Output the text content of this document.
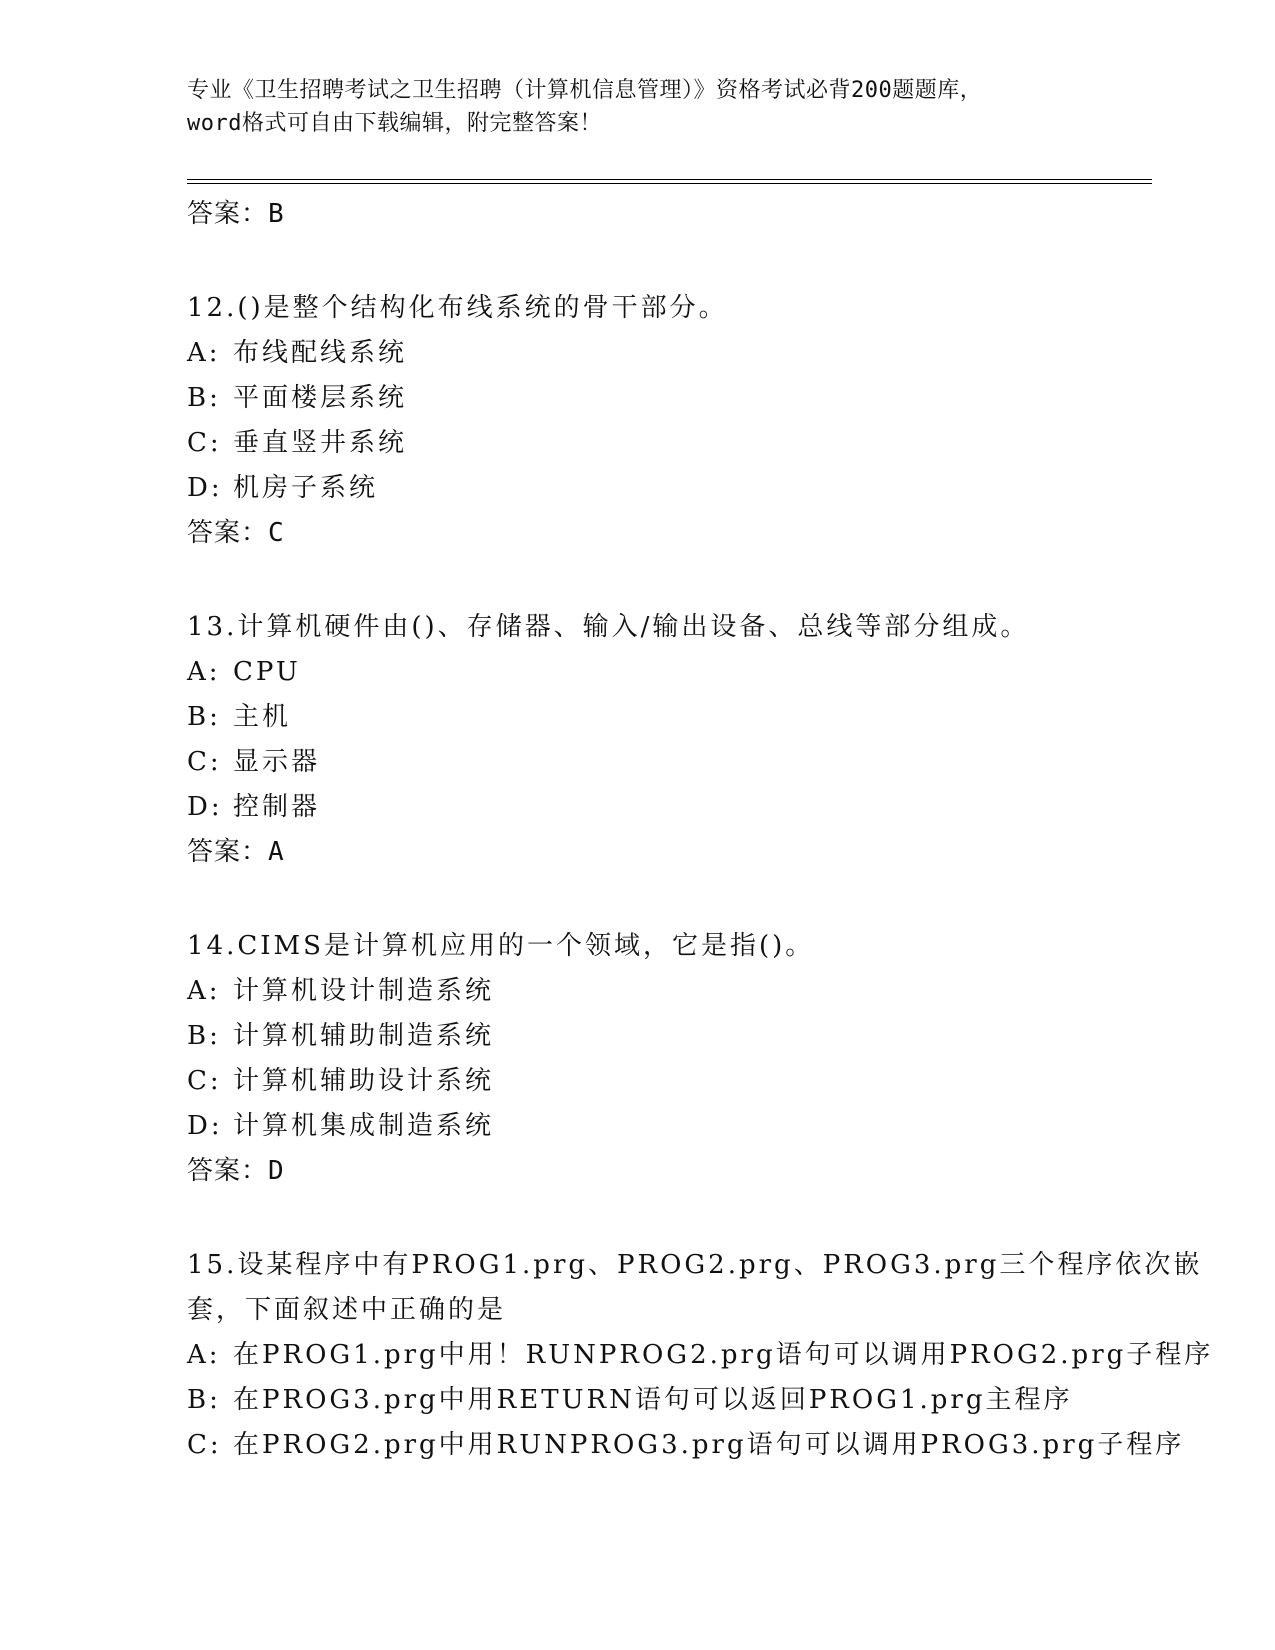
专业《卫生招聘考试之卫生招聘（计算机信息管理）》资格考试必背200题题库，
word格式可自由下载编辑，附完整答案！
答案：B
12.()是整个结构化布线系统的骨干部分。
A: 布线配线系统
B: 平面楼层系统
C: 垂直竖井系统
D: 机房子系统
答案：C
13.计算机硬件由()、存储器、输入/输出设备、总线等部分组成。
A: CPU
B: 主机
C: 显示器
D: 控制器
答案：A
14.CIMS是计算机应用的一个领域，它是指()。
A: 计算机设计制造系统
B: 计算机辅助制造系统
C: 计算机辅助设计系统
D: 计算机集成制造系统
答案：D
15.设某程序中有PROG1.prg、PROG2.prg、PROG3.prg三个程序依次嵌
套，下面叙述中正确的是
A: 在PROG1.prg中用！RUNPROG2.prg语句可以调用PROG2.prg子程序
B: 在PROG3.prg中用RETURN语句可以返回PROG1.prg主程序
C: 在PROG2.prg中用RUNPROG3.prg语句可以调用PROG3.prg子程序
